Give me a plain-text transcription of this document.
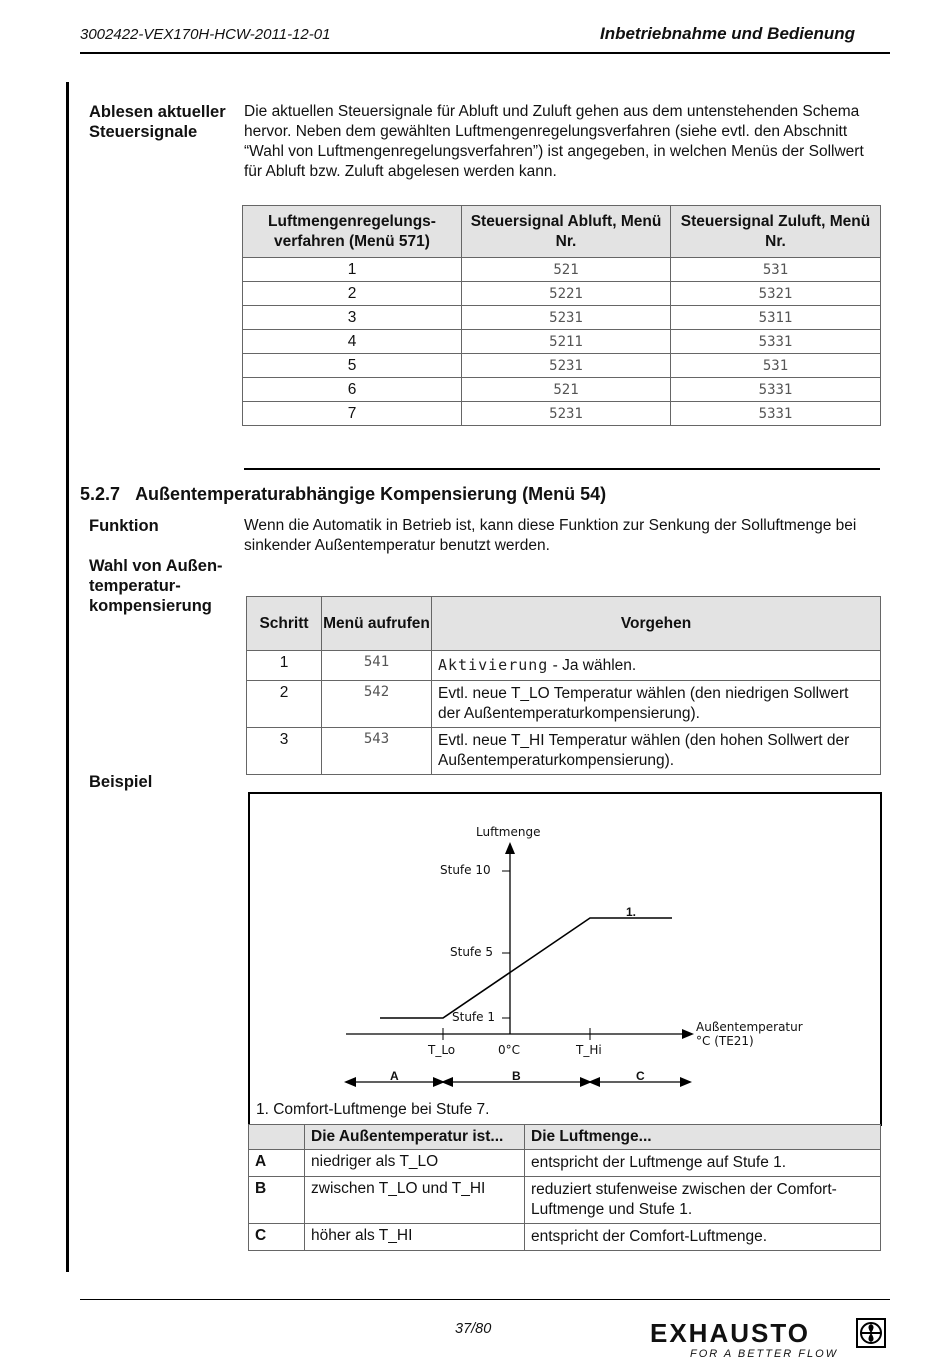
3002422-VEX170H-HCW-2011-12-01	Inbetriebnahme und Bedienung
Ablesen aktueller
Steuersignale
Die aktuellen Steuersignale für Abluft und Zuluft gehen aus dem untenstehenden Schema hervor. Neben dem gewählten Luftmengenregelungsverfahren (siehe evtl. den Abschnitt “Wahl von Luftmengenregelungsverfahren”) ist angegeben, in welchen Menüs der Sollwert für Abluft bzw. Zuluft abgelesen werden kann.
Luftmengenregelungs-verfahren (Menü 571)	Steuersignal Abluft, Menü Nr.	Steuersignal Zuluft, Menü Nr.
1	521	531
2	5221	5321
3	5231	5311
4	5211	5331
5	5231	531
6	521	5331
7	5231	5331
5.2.7 Außentemperaturabhängige Kompensierung (Menü 54)
Funktion	Wenn die Automatik in Betrieb ist, kann diese Funktion zur Senkung der Solluftmenge bei sinkender Außentemperatur benutzt werden.
Wahl von Außen-
temperatur-
kompensierung
Schritt	Menü aufrufen	Vorgehen
1	541	Aktivierung - Ja wählen.
2	542	Evtl. neue T_LO Temperatur wählen (den niedrigen Sollwert der Außentemperaturkompensierung).
3	543	Evtl. neue T_HI Temperatur wählen (den hohen Sollwert der Außentemperaturkompensierung).
Beispiel
Luftmenge
Stufe 10
Stufe 5
Stufe 1
1.
Außentemperatur
°C (TE21)
T_Lo	0°C	T_Hi
A	B	C
1. Comfort-Luftmenge bei Stufe 7.
	Die Außentemperatur ist...	Die Luftmenge...
A	niedriger als T_LO	entspricht der Luftmenge auf Stufe 1.
B	zwischen T_LO und T_HI	reduziert stufenweise zwischen der Comfort-Luftmenge und Stufe 1.
C	höher als T_HI	entspricht der Comfort-Luftmenge.
37/80	EXHAUSTO
FOR A BETTER FLOW
